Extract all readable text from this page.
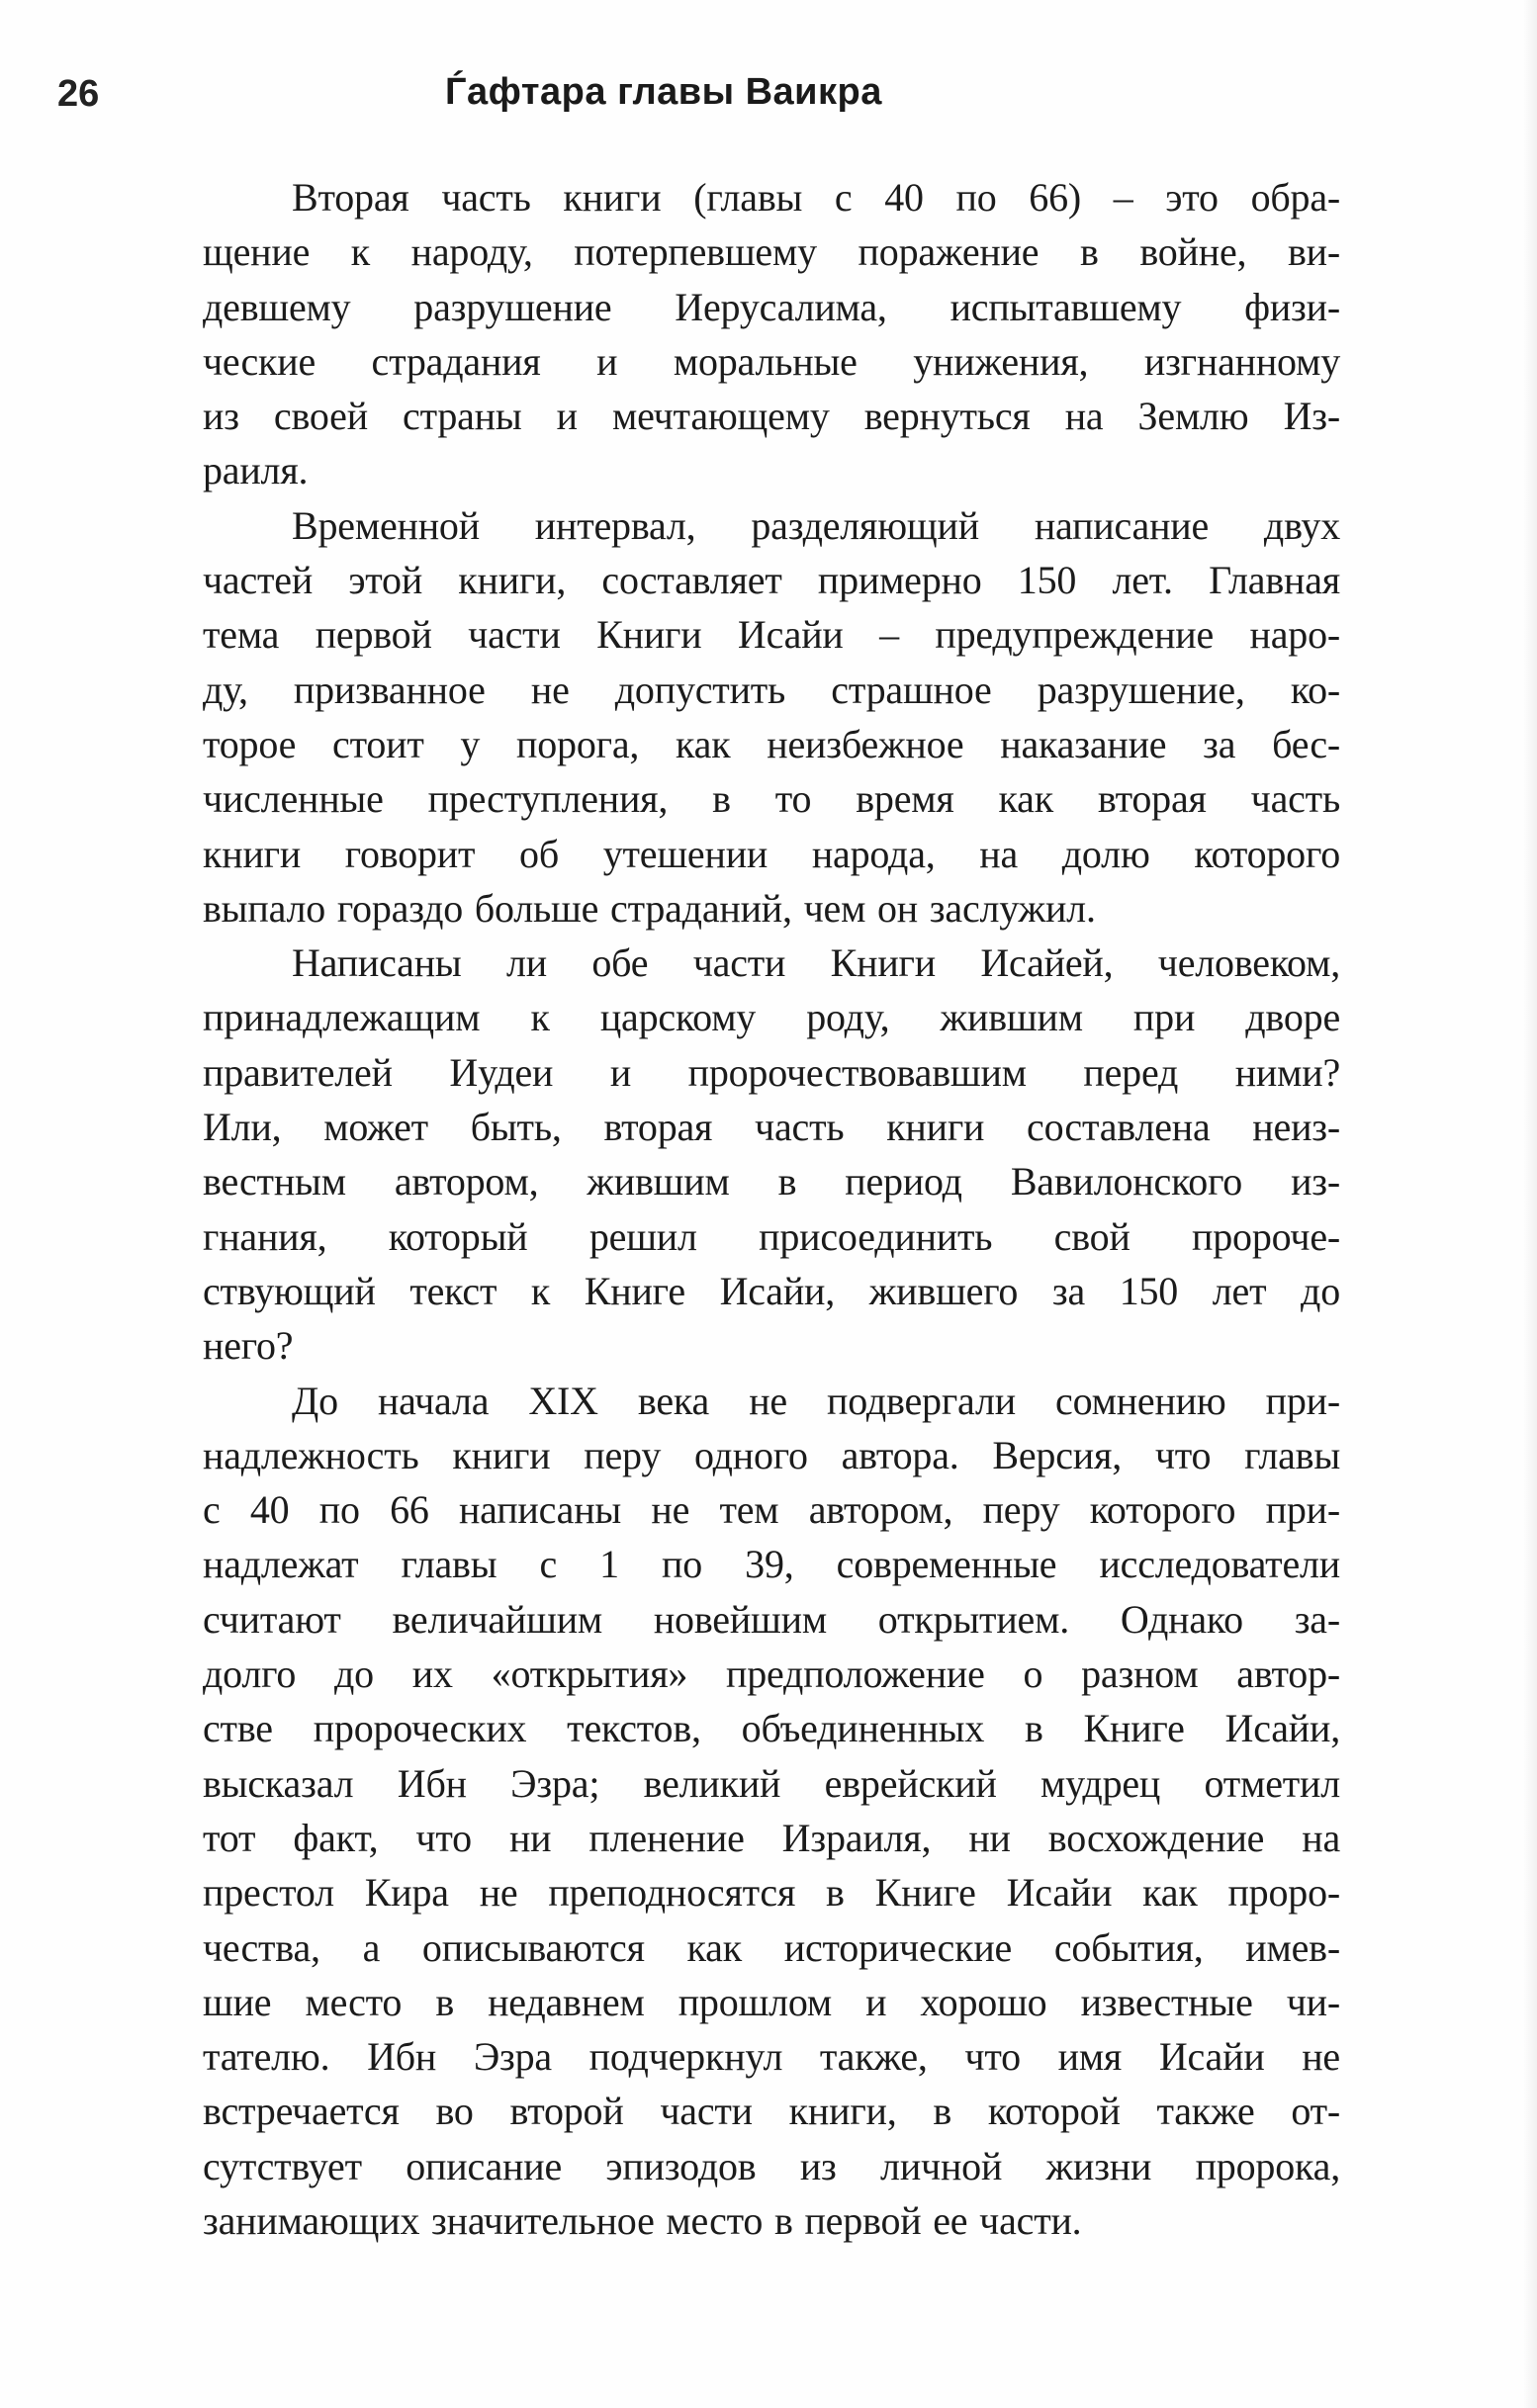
26	Ѓафтара главы Ваикра
Вторая часть книги (главы с 40 по 66) – это обра-
щение к народу, потерпевшему поражение в войне, ви-
девшему разрушение Иерусалима, испытавшему физи-
ческие страдания и моральные унижения, изгнанному
из своей страны и мечтающему вернуться на Землю Из-
раиля.
Временной интервал, разделяющий написание двух
частей этой книги, составляет примерно 150 лет. Главная
тема первой части Книги Исайи – предупреждение наро-
ду, призванное не допустить страшное разрушение, ко-
торое стоит у порога, как неизбежное наказание за бес-
численные преступления, в то время как вторая часть
книги говорит об утешении народа, на долю которого
выпало гораздо больше страданий, чем он заслужил.
Написаны ли обе части Книги Исайей, человеком,
принадлежащим к царскому роду, жившим при дворе
правителей Иудеи и пророчествовавшим перед ними?
Или, может быть, вторая часть книги составлена неиз-
вестным автором, жившим в период Вавилонского из-
гнания, который решил присоединить свой пророче-
ствующий текст к Книге Исайи, жившего за 150 лет до
него?
До начала XIX века не подвергали сомнению при-
надлежность книги перу одного автора. Версия, что главы
с 40 по 66 написаны не тем автором, перу которого при-
надлежат главы с 1 по 39, современные исследователи
считают величайшим новейшим открытием. Однако за-
долго до их «открытия» предположение о разном автор-
стве пророческих текстов, объединенных в Книге Исайи,
высказал Ибн Эзра; великий еврейский мудрец отметил
тот факт, что ни пленение Израиля, ни восхождение на
престол Кира не преподносятся в Книге Исайи как проро-
чества, а описываются как исторические события, имев-
шие место в недавнем прошлом и хорошо известные чи-
тателю. Ибн Эзра подчеркнул также, что имя Исайи не
встречается во второй части книги, в которой также от-
сутствует описание эпизодов из личной жизни пророка,
занимающих значительное место в первой ее части.
